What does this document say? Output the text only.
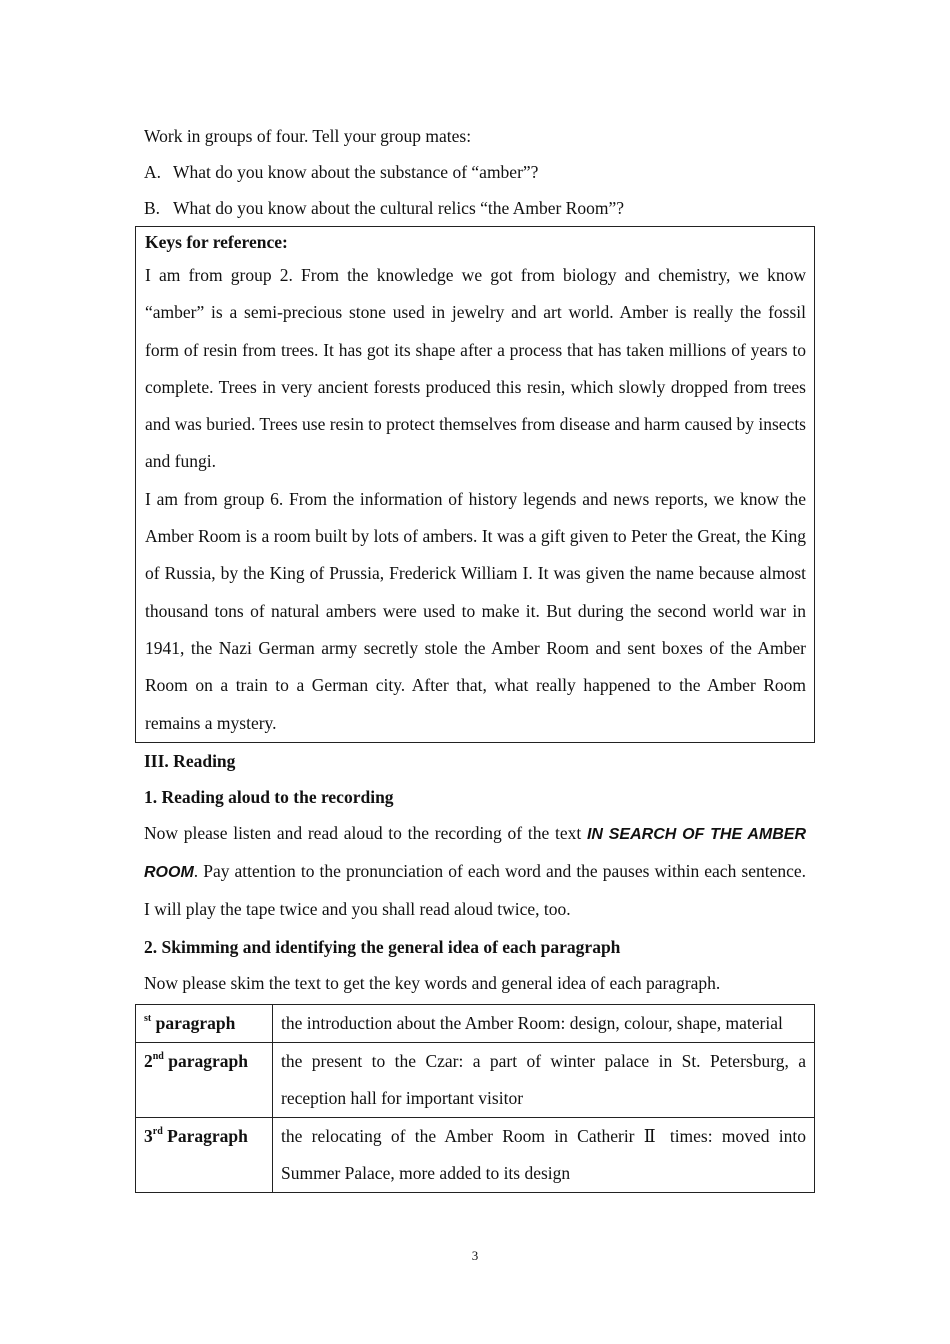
Work in groups of four. Tell your group mates:
A. What do you know about the substance of “amber”?
B. What do you know about the cultural relics “the Amber Room”?
Keys for reference:
I am from group 2. From the knowledge we got from biology and chemistry, we know “amber” is a semi-precious stone used in jewelry and art world. Amber is really the fossil form of resin from trees. It has got its shape after a process that has taken millions of years to complete. Trees in very ancient forests produced this resin, which slowly dropped from trees and was buried. Trees use resin to protect themselves from disease and harm caused by insects and fungi.
I am from group 6. From the information of history legends and news reports, we know the Amber Room is a room built by lots of ambers. It was a gift given to Peter the Great, the King of Russia, by the King of Prussia, Frederick William I. It was given the name because almost thousand tons of natural ambers were used to make it. But during the second world war in 1941, the Nazi German army secretly stole the Amber Room and sent boxes of the Amber Room on a train to a German city. After that, what really happened to the Amber Room remains a mystery.
III. Reading
1. Reading aloud to the recording
Now please listen and read aloud to the recording of the text IN SEARCH OF THE AMBER ROOM. Pay attention to the pronunciation of each word and the pauses within each sentence. I will play the tape twice and you shall read aloud twice, too.
2. Skimming and identifying the general idea of each paragraph
Now please skim the text to get the key words and general idea of each paragraph.
$^{st}$ paragraph	the introduction about the Amber Room: design, colour, shape, material
2nd paragraph	the present to the Czar: a part of winter palace in St. Petersburg, a reception hall for important visitor
3rd Paragraph	the relocating of the Amber Room in Catherir Ⅱ times: moved into Summer Palace, more added to its design
3
